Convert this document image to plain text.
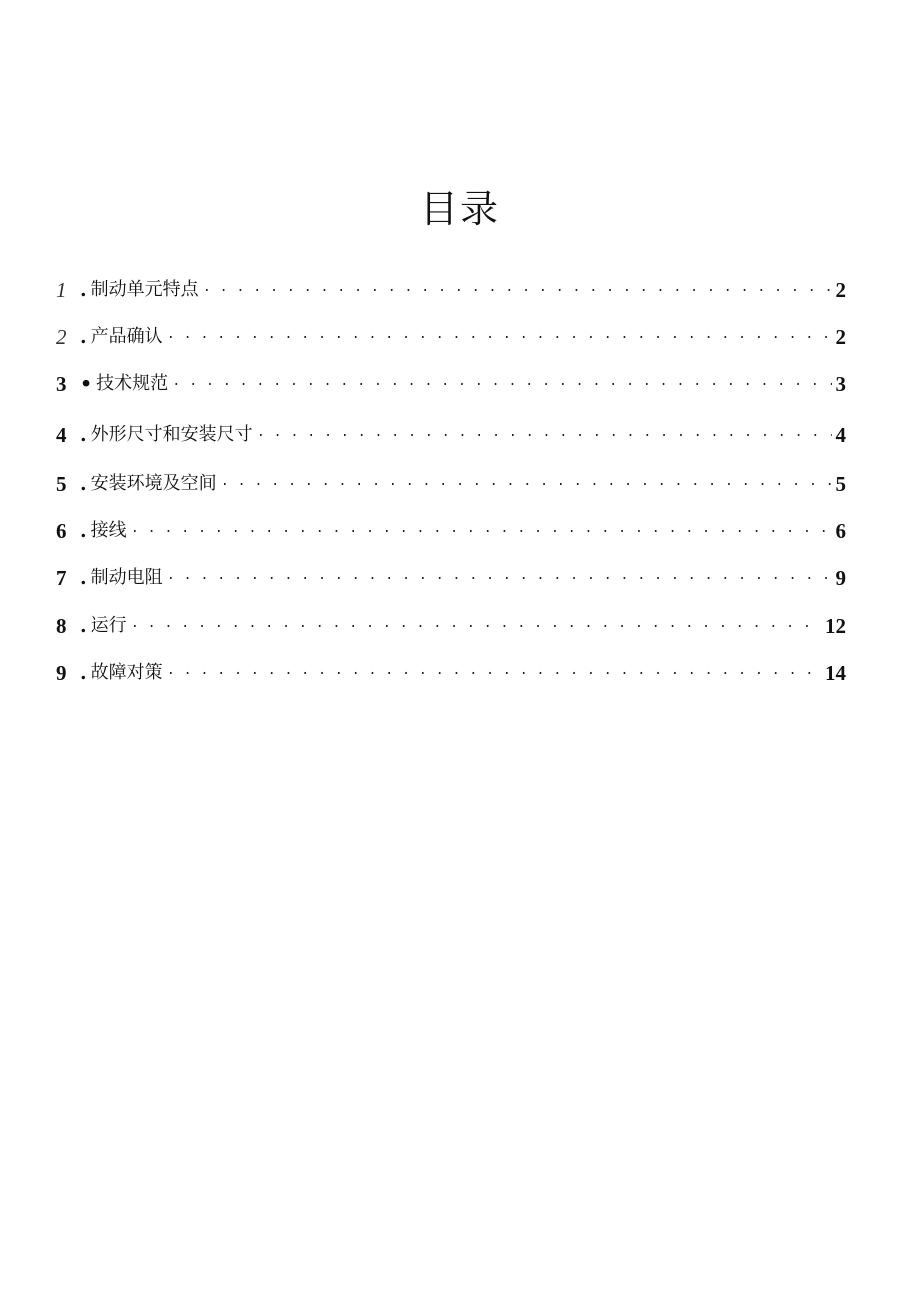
目录
1 . 制动单元特点 . . .	2
2 . 产品确认 . . .	2
3 • 技术规范 . . .	3
4 . 外形尺寸和安装尺寸 . . .	4
5 . 安装环境及空间 . . .	5
6 . 接线 . . .	6
7 . 制动电阻 . . .	9
8 . 运行 . . .	12
9 . 故障对策 . . .	14
